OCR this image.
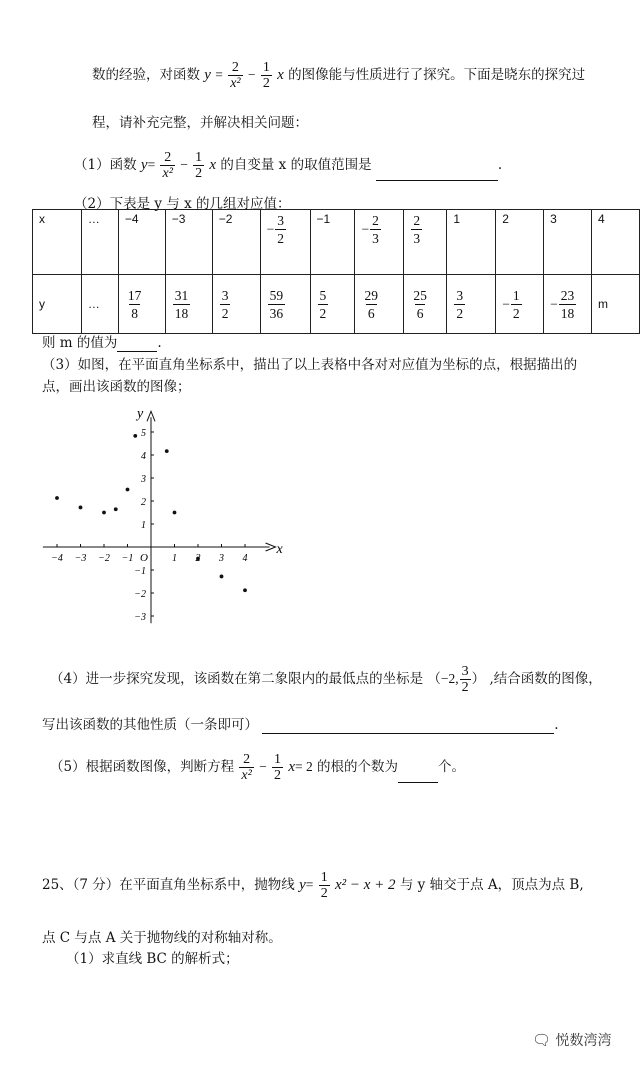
数的经验，对函数 $y = \frac{2}{\text{x²}} - \frac{1}{2}$ x 的图像能与性质进行了探究。下面是晓东的探究过
程，请补充完整，并解决相关问题：
（1）函数 $y= \frac{2}{\text{x²}} - \frac{1}{2}$ x 的自变量 x 的取值范围是	.
（2）下表是 y 与 x 的几组对应值：
x	…	−4	−3	−2	− $\frac{3}{2}$	−1	− $\frac{2}{3}$	$\frac{2}{3}$	1	2	3	4
y	…	$\frac{17}{8}$	$\frac{31}{18}$	$\frac{3}{2}$	$\frac{59}{36}$	$\frac{5}{2}$	$\frac{29}{6}$	$\frac{25}{6}$	$\frac{3}{2}$	− $\frac{1}{2}$	− $\frac{23}{18}$	m
则 m 的值为	.
（3）如图，在平面直角坐标系中，描出了以上表格中各对对应值为坐标的点，根据描出的
点，画出该函数的图像；
x
y
O
−4 −3 −2 −1	1	3 4
−3
−2
−1
1
2
3
4
5
（4）进一步探究发现，该函数在第二象限内的最低点的坐标是 （−2, $\frac{3}{2}$ ） ,结合函数的图像，
写出该函数的其他性质（一条即可）	.
（5）根据函数图像，判断方程 $\frac{2}{\text{x²}} - \frac{1}{2} x= 2$ 的根的个数为	个。
25、（7 分）在平面直角坐标系中，抛物线 $y= \frac{1}{2} x^2 - x + 2$ 与 y 轴交于点 A，顶点为点 B,
点 C 与点 A 关于抛物线的对称轴对称。
（1）求直线 BC 的解析式；
🗨 悦数湾湾
